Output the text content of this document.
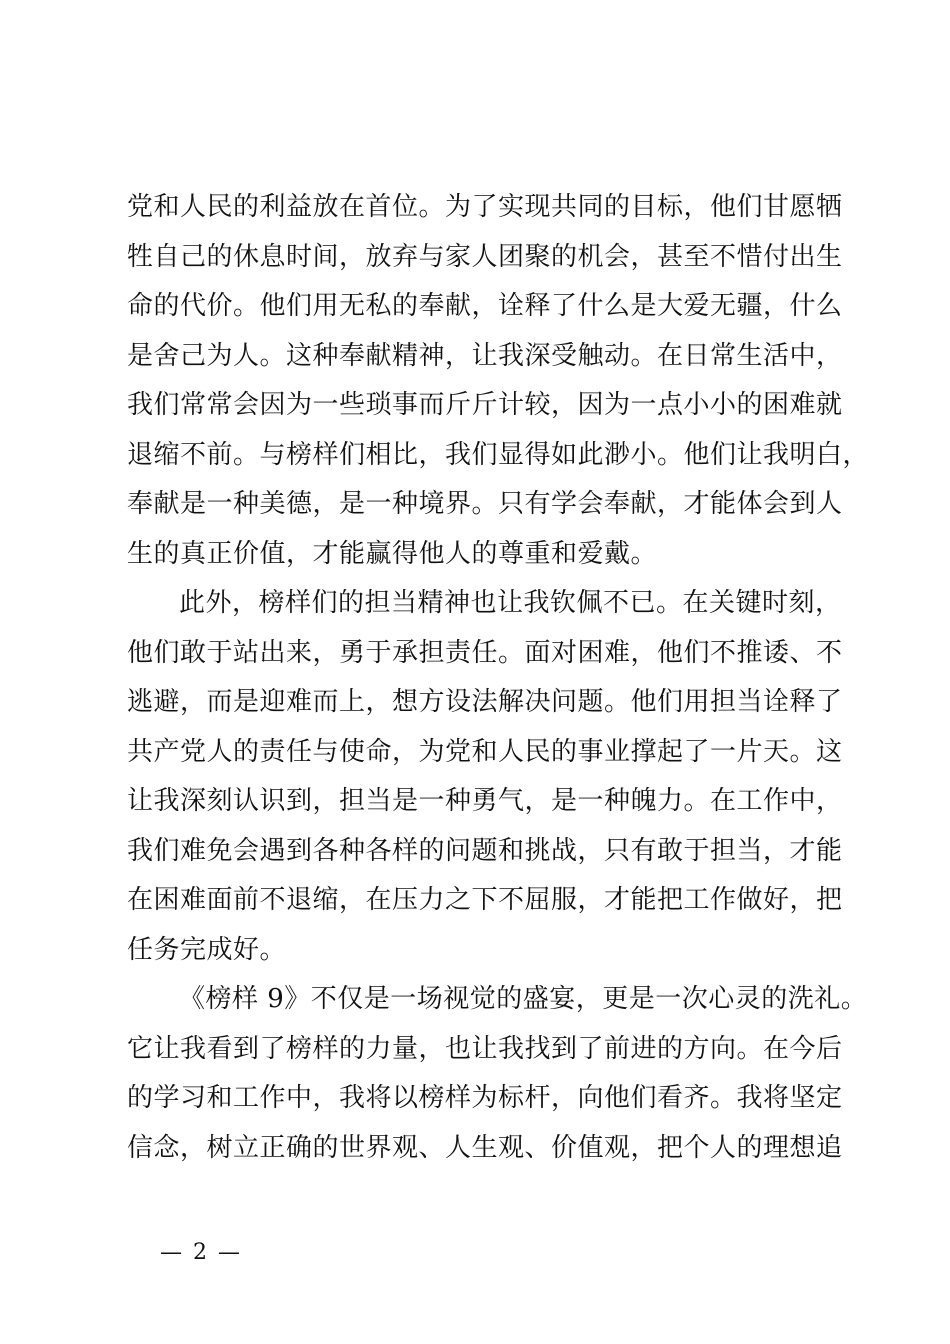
党和人民的利益放在首位。为了实现共同的目标，他们甘愿牺
牲自己的休息时间，放弃与家人团聚的机会，甚至不惜付出生
命的代价。他们用无私的奉献，诠释了什么是大爱无疆，什么
是舍己为人。这种奉献精神，让我深受触动。在日常生活中，
我们常常会因为一些琐事而斤斤计较，因为一点小小的困难就
退缩不前。与榜样们相比，我们显得如此渺小。他们让我明白，
奉献是一种美德，是一种境界。只有学会奉献，才能体会到人
生的真正价值，才能赢得他人的尊重和爱戴。
此外，榜样们的担当精神也让我钦佩不已。在关键时刻，
他们敢于站出来，勇于承担责任。面对困难，他们不推诿、不
逃避，而是迎难而上，想方设法解决问题。他们用担当诠释了
共产党人的责任与使命，为党和人民的事业撑起了一片天。这
让我深刻认识到，担当是一种勇气，是一种魄力。在工作中，
我们难免会遇到各种各样的问题和挑战，只有敢于担当，才能
在困难面前不退缩，在压力之下不屈服，才能把工作做好，把
任务完成好。
《榜样 9》不仅是一场视觉的盛宴，更是一次心灵的洗礼。
它让我看到了榜样的力量，也让我找到了前进的方向。在今后
的学习和工作中，我将以榜样为标杆，向他们看齐。我将坚定
信念，树立正确的世界观、人生观、价值观，把个人的理想追
— 2 —
